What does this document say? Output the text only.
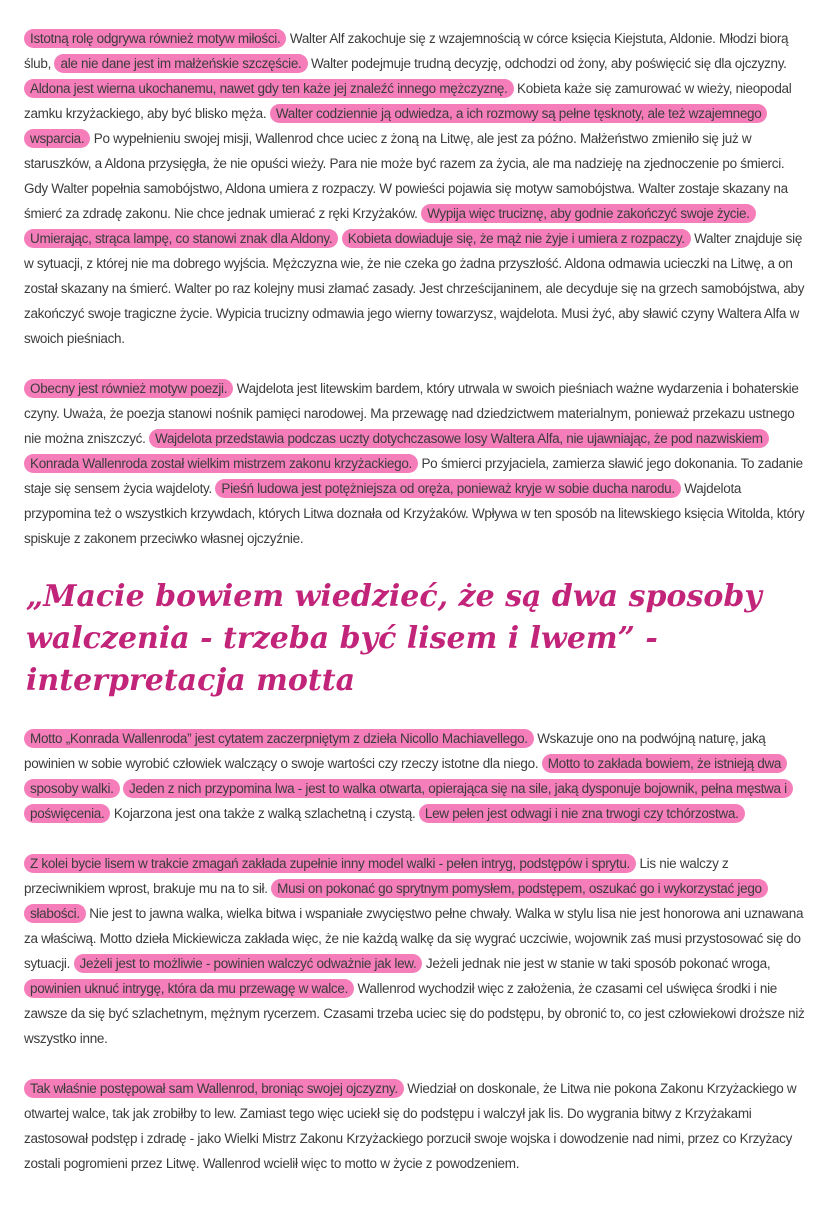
Istotną rolę odgrywa również motyw miłości. Walter Alf zakochuje się z wzajemnością w córce księcia Kiejstuta, Aldonie. Młodzi biorą ślub, ale nie dane jest im małżeńskie szczęście. Walter podejmuje trudną decyzję, odchodzi od żony, aby poświęcić się dla ojczyzny. Aldona jest wierna ukochanemu, nawet gdy ten każe jej znaleźć innego mężczyznę. Kobieta każe się zamurować w wieży, nieopodal zamku krzyżackiego, aby być blisko męża. Walter codziennie ją odwiedza, a ich rozmowy są pełne tęsknoty, ale też wzajemnego wsparcia. Po wypełnieniu swojej misji, Wallenrod chce uciec z żoną na Litwę, ale jest za późno. Małżeństwo zmieniło się już w staruszków, a Aldona przysięgła, że nie opuści wieży. Para nie może być razem za życia, ale ma nadzieję na zjednoczenie po śmierci. Gdy Walter popełnia samobójstwo, Aldona umiera z rozpaczy. W powieści pojawia się motyw samobójstwa. Walter zostaje skazany na śmierć za zdradę zakonu. Nie chce jednak umierać z ręki Krzyżaków. Wypija więc truciznę, aby godnie zakończyć swoje życie. Umierając, strąca lampę, co stanowi znak dla Aldony. Kobieta dowiaduje się, że mąż nie żyje i umiera z rozpaczy. Walter znajduje się w sytuacji, z której nie ma dobrego wyjścia. Mężczyzna wie, że nie czeka go żadna przyszłość. Aldona odmawia ucieczki na Litwę, a on został skazany na śmierć. Walter po raz kolejny musi złamać zasady. Jest chrześcijaninem, ale decyduje się na grzech samobójstwa, aby zakończyć swoje tragiczne życie. Wypicia trucizny odmawia jego wierny towarzysz, wajdelota. Musi żyć, aby sławić czyny Waltera Alfa w swoich pieśniach.

Obecny jest również motyw poezji. Wajdelota jest litewskim bardem, który utrwala w swoich pieśniach ważne wydarzenia i bohaterskie czyny. Uważa, że poezja stanowi nośnik pamięci narodowej. Ma przewagę nad dziedzictwem materialnym, ponieważ przekazu ustnego nie można zniszczyć. Wajdelota przedstawia podczas uczty dotychczasowe losy Waltera Alfa, nie ujawniając, że pod nazwiskiem Konrada Wallenroda został wielkim mistrzem zakonu krzyżackiego. Po śmierci przyjaciela, zamierza sławić jego dokonania. To zadanie staje się sensem życia wajdeloty. Pieśń ludowa jest potężniejsza od oręża, ponieważ kryje w sobie ducha narodu. Wajdelota przypomina też o wszystkich krzywdach, których Litwa doznała od Krzyżaków. Wpływa w ten sposób na litewskiego księcia Witolda, który spiskuje z zakonem przeciwko własnej ojczyźnie.

„Macie bowiem wiedzieć, że są dwa sposoby walczenia - trzeba być lisem i lwem” - interpretacja motta

Motto „Konrada Wallenroda” jest cytatem zaczerpniętym z dzieła Nicollo Machiavellego. Wskazuje ono na podwójną naturę, jaką powinien w sobie wyrobić człowiek walczący o swoje wartości czy rzeczy istotne dla niego. Motto to zakłada bowiem, że istnieją dwa sposoby walki. Jeden z nich przypomina lwa - jest to walka otwarta, opierająca się na sile, jaką dysponuje bojownik, pełna męstwa i poświęcenia. Kojarzona jest ona także z walką szlachetną i czystą. Lew pełen jest odwagi i nie zna trwogi czy tchórzostwa.

Z kolei bycie lisem w trakcie zmagań zakłada zupełnie inny model walki - pełen intryg, podstępów i sprytu. Lis nie walczy z przeciwnikiem wprost, brakuje mu na to sił. Musi on pokonać go sprytnym pomysłem, podstępem, oszukać go i wykorzystać jego słabości. Nie jest to jawna walka, wielka bitwa i wspaniałe zwycięstwo pełne chwały. Walka w stylu lisa nie jest honorowa ani uznawana za właściwą. Motto dzieła Mickiewicza zakłada więc, że nie każdą walkę da się wygrać uczciwie, wojownik zaś musi przystosować się do sytuacji. Jeżeli jest to możliwie - powinien walczyć odważnie jak lew. Jeżeli jednak nie jest w stanie w taki sposób pokonać wroga, powinien uknuć intrygę, która da mu przewagę w walce. Wallenrod wychodził więc z założenia, że czasami cel uświęca środki i nie zawsze da się być szlachetnym, mężnym rycerzem. Czasami trzeba uciec się do podstępu, by obronić to, co jest człowiekowi droższe niż wszystko inne.

Tak właśnie postępował sam Wallenrod, broniąc swojej ojczyzny. Wiedział on doskonale, że Litwa nie pokona Zakonu Krzyżackiego w otwartej walce, tak jak zrobiłby to lew. Zamiast tego więc uciekł się do podstępu i walczył jak lis. Do wygrania bitwy z Krzyżakami zastosował podstęp i zdradę - jako Wielki Mistrz Zakonu Krzyżackiego porzucił swoje wojska i dowodzenie nad nimi, przez co Krzyżacy zostali pogromieni przez Litwę. Wallenrod wcielił więc to motto w życie z powodzeniem.
